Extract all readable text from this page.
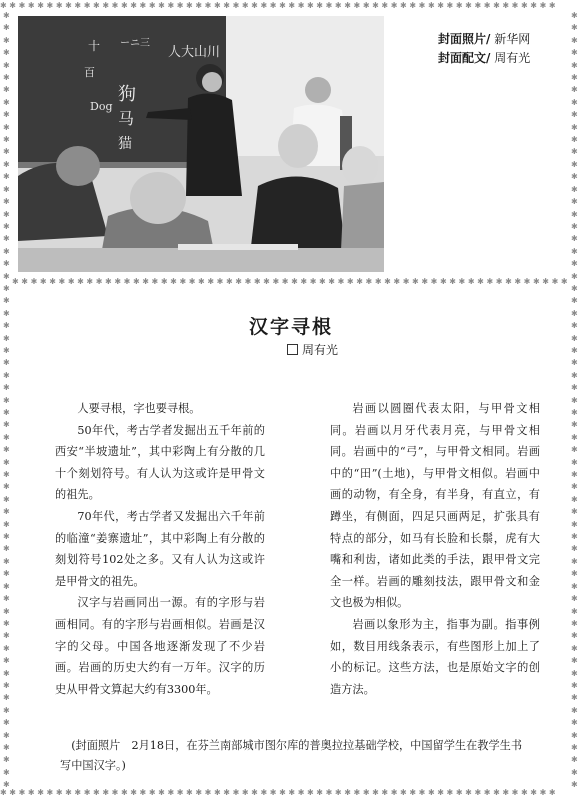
✱✱✱✱✱✱✱✱✱✱✱✱✱✱✱✱✱✱✱✱✱✱✱✱✱✱✱✱✱✱✱✱✱✱✱✱✱✱✱✱✱✱✱✱✱✱✱✱✱✱✱✱✱✱✱✱✱✱✱✱
✱✱✱✱✱✱✱✱✱✱✱✱✱✱✱✱✱✱✱✱✱✱✱✱✱✱✱✱✱✱✱✱✱✱✱✱✱✱✱✱✱✱✱✱✱✱✱✱✱✱✱✱✱✱✱✱✱✱✱✱
✱✱✱✱✱✱✱✱✱✱✱✱✱✱✱✱✱✱✱✱✱✱✱✱✱✱✱✱✱✱✱✱✱✱✱✱✱✱✱✱✱✱✱✱✱✱✱✱✱✱✱✱✱✱✱✱✱✱✱✱✱✱✱
✱✱✱✱✱✱✱✱✱✱✱✱✱✱✱✱✱✱✱✱✱✱✱✱✱✱✱✱✱✱✱✱✱✱✱✱✱✱✱✱✱✱✱✱✱✱✱✱✱✱✱✱✱✱✱✱✱✱✱✱✱✱✱
✱✱✱✱✱✱✱✱✱✱✱✱✱✱✱✱✱✱✱✱✱✱✱✱✱✱✱✱✱✱✱✱✱✱✱✱✱✱✱✱✱✱✱✱✱✱✱✱✱✱✱✱✱✱✱✱✱✱✱✱
人大山川
狗
马
猫
ーニ三
十
百
Dog
封面照片/ 新华网
封面配文/ 周有光
汉字寻根
周有光

人要寻根，字也要寻根。

50年代，考古学者发掘出五千年前的西安“半坡遗址”，其中彩陶上有分散的几十个刻划符号。有人认为这或许是甲骨文的祖先。

70年代，考古学者又发掘出六千年前的临潼“姜寨遗址”，其中彩陶上有分散的刻划符号102处之多。又有人认为这或许是甲骨文的祖先。

汉字与岩画同出一源。有的字形与岩画相同。有的字形与岩画相似。岩画是汉字的父母。中国各地逐渐发现了不少岩画。岩画的历史大约有一万年。汉字的历史从甲骨文算起大约有3300年。

岩画以圆圈代表太阳，与甲骨文相同。岩画以月牙代表月亮，与甲骨文相同。岩画中的“弓”，与甲骨文相同。岩画中的“田”(土地)，与甲骨文相似。岩画中画的动物，有全身，有半身，有直立，有蹲坐，有侧面，四足只画两足，扩张具有特点的部分，如马有长脸和长鬃，虎有大嘴和利齿，诸如此类的手法，跟甲骨文完全一样。岩画的雕刻技法，跟甲骨文和金文也极为相似。

岩画以象形为主，指事为副。指事例如，数目用线条表示，有些图形上加上了小的标记。这些方法，也是原始文字的创造方法。

(封面照片　2月18日，在芬兰南部城市图尔库的普奥拉拉基础学校，中国留学生在教学生书写中国汉字。)
